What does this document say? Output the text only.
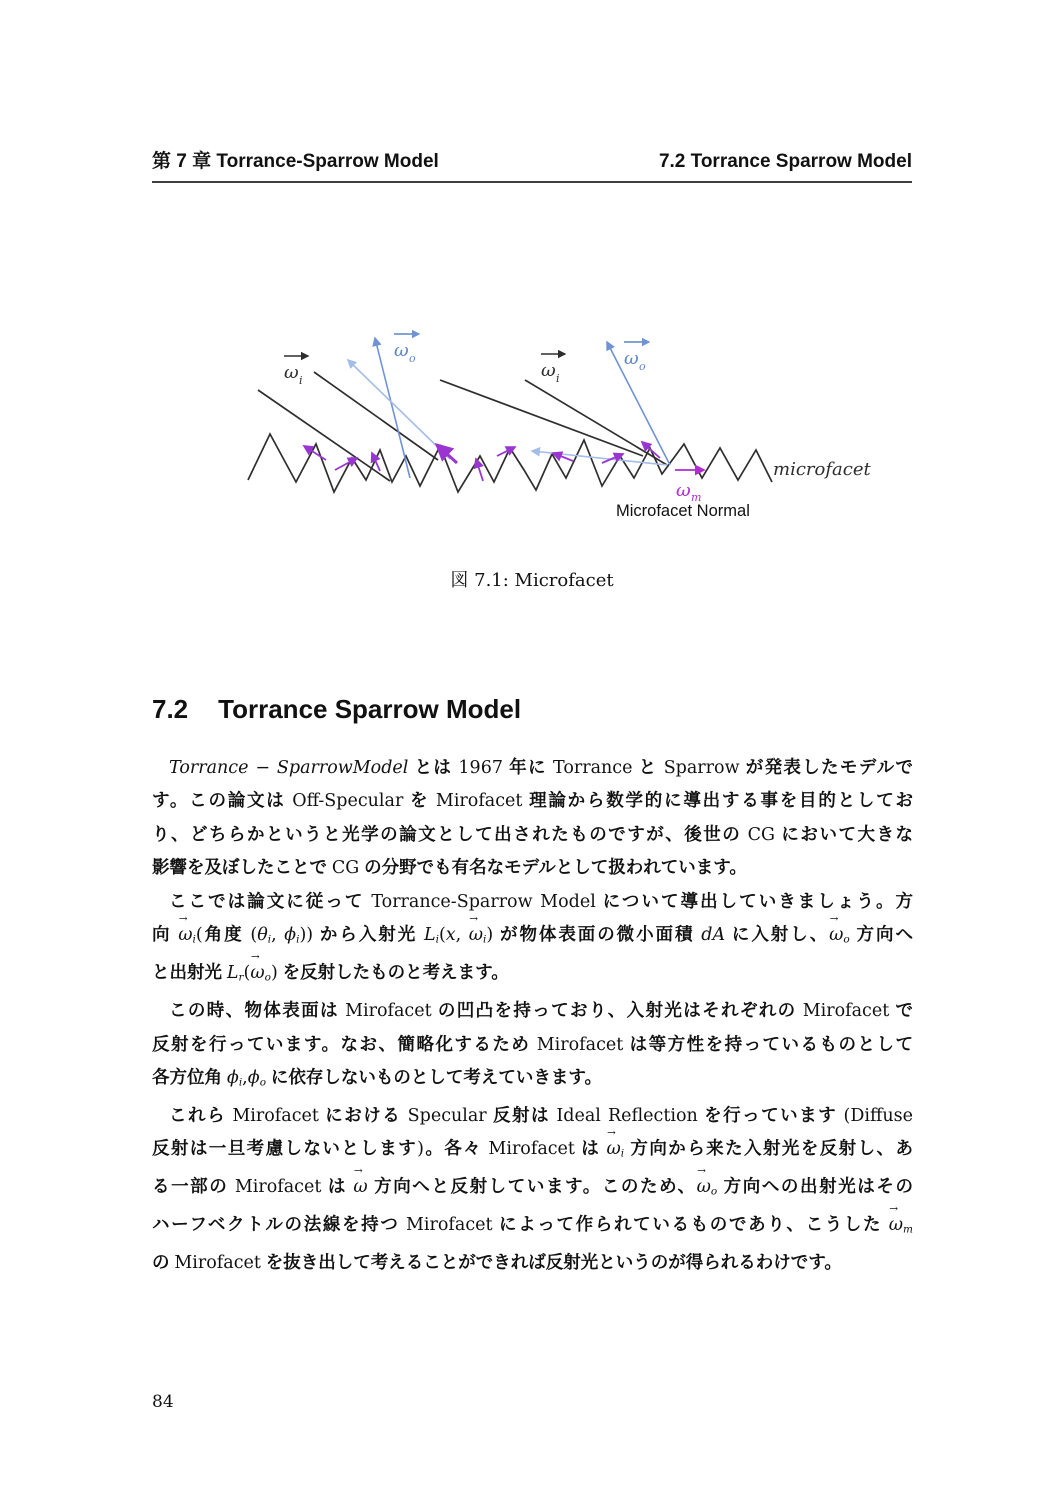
第 7 章 Torrance-Sparrow Model	7.2 Torrance Sparrow Model
ω i
ω o
ω i
ω o
ω m
microfacet
Microfacet Normal
図 7.1: Microfacet
7.2 Torrance Sparrow Model
Torrance − SparrowModel とは 1967 年に Torrance と Sparrow が発表したモデルで
す。この論文は Off-Specular を Mirofacet 理論から数学的に導出する事を目的としてお
り、どちらかというと光学の論文として出されたものですが、後世の CG において大きな
影響を及ぼしたことで CG の分野でも有名なモデルとして扱われています。
ここでは論文に従って Torrance-Sparrow Model について導出していきましょう。方
向
→
$\omega_i$(角度 ($\theta_i$, $\phi_i$)) から入射光 $L_i(x$,
→
$\omega_i$) が物体表面の微小面積 dA に入射し、
→
$\omega_o$ 方向へ
と出射光 $L_r$(
→
$\omega_o$) を反射したものと考えます。
この時、物体表面は Mirofacet の凹凸を持っており、入射光はそれぞれの Mirofacet で
反射を行っています。なお、簡略化するため Mirofacet は等方性を持っているものとして
各方位角 $\phi_i,\phi_o$ に依存しないものとして考えていきます。
これら Mirofacet における Specular 反射は Ideal Reflection を行っています (Diffuse
反射は一旦考慮しないとします)。各々 Mirofacet は
→
$\omega_i$ 方向から来た入射光を反射し、あ
る一部の Mirofacet は
→
ω 方向へと反射しています。このため、
→
$\omega_o$ 方向への出射光はその
ハーフベクトルの法線を持つ Mirofacet によって作られているものであり、こうした
→
$\omega_m$
の Mirofacet を抜き出して考えることができれば反射光というのが得られるわけです。
84
